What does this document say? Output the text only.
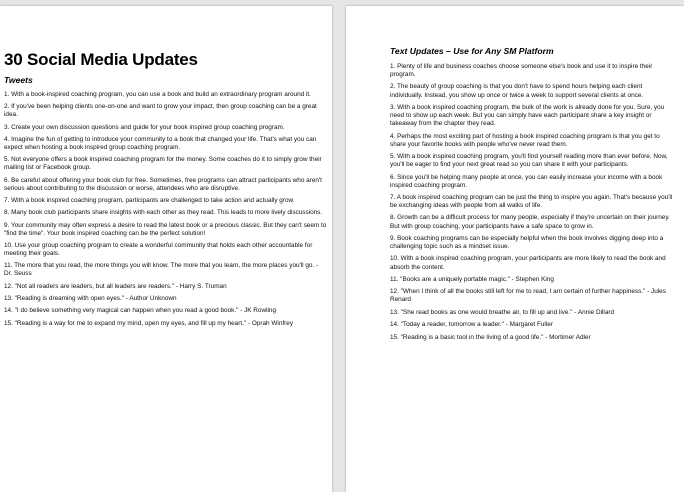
30 Social Media Updates
Tweets

1. With a book-inspired coaching program, you can use a book and build an extraordinary program around it.

2. If you've been helping clients one-on-one and want to grow your impact, then group coaching can be a great idea.

3. Create your own discussion questions and guide for your book inspired group coaching program.

4. Imagine the fun of getting to introduce your community to a book that changed your life. That's what you can expect when hosting a book inspired group coaching program.

5. Not everyone offers a book inspired coaching program for the money. Some coaches do it to simply grow their mailing list or Facebook group.

6. Be careful about offering your book club for free. Sometimes, free programs can attract participants who aren't serious about contributing to the discussion or worse, attendees who are disruptive.

7. With a book inspired coaching program, participants are challenged to take action and actually grow.

8. Many book club participants share insights with each other as they read. This leads to more lively discussions.

9. Your community may often express a desire to read the latest book or a precious classic. But they can't seem to "find the time". Your book inspired coaching can be the perfect solution!

10. Use your group coaching program to create a wonderful community that holds each other accountable for meeting their goals.

11. The more that you read, the more things you will know. The more that you learn, the more places you'll go. - Dr. Seuss

12. "Not all readers are leaders, but all leaders are readers." - Harry S. Truman

13. "Reading is dreaming with open eyes." - Author Unknown

14. "I do believe something very magical can happen when you read a good book." - JK Rowling

15. "Reading is a way for me to expand my mind, open my eyes, and fill up my heart." - Oprah Winfrey

Text Updates – Use for Any SM Platform

1. Plenty of life and business coaches choose someone else's book and use it to inspire their program.

2. The beauty of group coaching is that you don't have to spend hours helping each client individually. Instead, you show up once or twice a week to support several clients at once.

3. With a book inspired coaching program, the bulk of the work is already done for you. Sure, you need to show up each week. But you can simply have each participant share a key insight or takeaway from the chapter they read.

4. Perhaps the most exciting part of hosting a book inspired coaching program is that you get to share your favorite books with people who've never read them.

5. With a book inspired coaching program, you'll find yourself reading more than ever before. Now, you'll be eager to find your next great read so you can share it with your participants.

6. Since you'll be helping many people at once, you can easily increase your income with a book inspired coaching program.

7. A book inspired coaching program can be just the thing to inspire you again. That's because you'll be exchanging ideas with people from all walks of life.

8. Growth can be a difficult process for many people, especially if they're uncertain on their journey. But with group coaching, your participants have a safe space to grow in.

9. Book coaching programs can be especially helpful when the book involves digging deep into a challenging topic such as a mindset issue.

10. With a book inspired coaching program, your participants are more likely to read the book and absorb the content.

11. "Books are a uniquely portable magic." - Stephen King

12. "When I think of all the books still left for me to read, I am certain of further happiness." - Jules Renard

13. "She read books as one would breathe air, to fill up and live." - Annie Dillard

14. "Today a reader, tomorrow a leader." - Margaret Fuller

15. "Reading is a basic tool in the living of a good life." - Mortimer Adler
